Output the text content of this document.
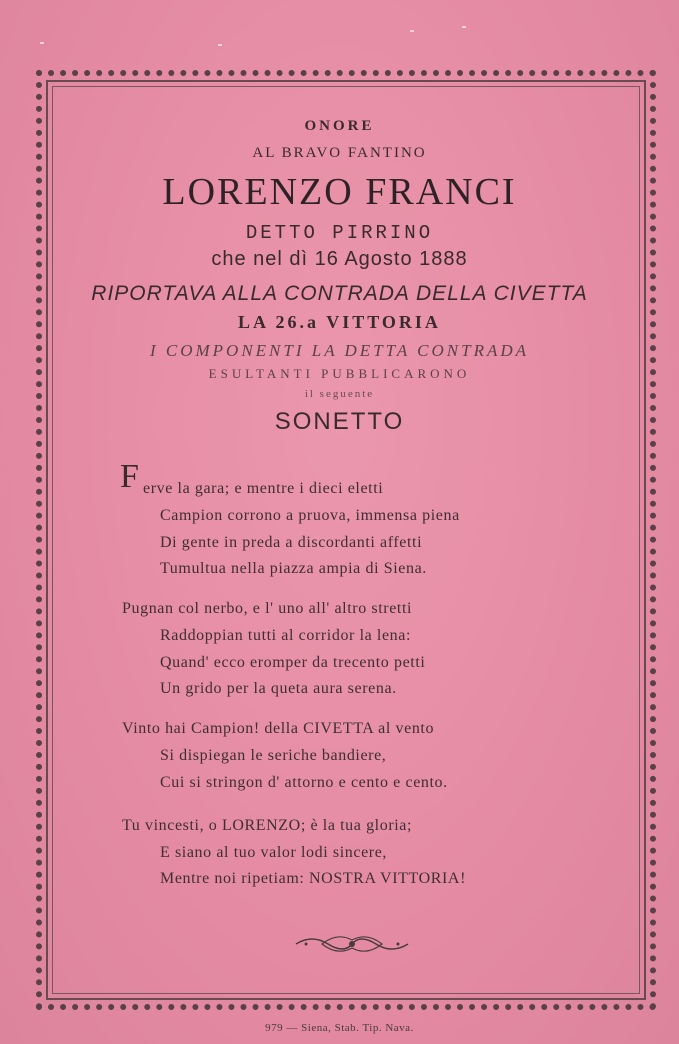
ONORE
AL BRAVO FANTINO
LORENZO FRANCI
DETTO PIRRINO
che nel dì 16 Agosto 1888
RIPORTAVA ALLA CONTRADA DELLA CIVETTA
LA 26.a VITTORIA
I COMPONENTI LA DETTA CONTRADA
ESULTANTI PUBBLICARONO
il seguente
SONETTO
F erve la gara; e mentre i dieci eletti
Campion corrono a pruova, immensa piena
Di gente in preda a discordanti affetti
Tumultua nella piazza ampia di Siena.
Pugnan col nerbo, e l' uno all' altro stretti
Raddoppian tutti al corridor la lena:
Quand' ecco eromper da trecento petti
Un grido per la queta aura serena.
Vinto hai Campion! della CIVETTA al vento
Si dispiegan le seriche bandiere,
Cui si stringon d' attorno e cento e cento.
Tu vincesti, o LORENZO; è la tua gloria;
E siano al tuo valor lodi sincere,
Mentre noi ripetiam: NOSTRA VITTORIA!
979 — Siena, Stab. Tip. Nava.
